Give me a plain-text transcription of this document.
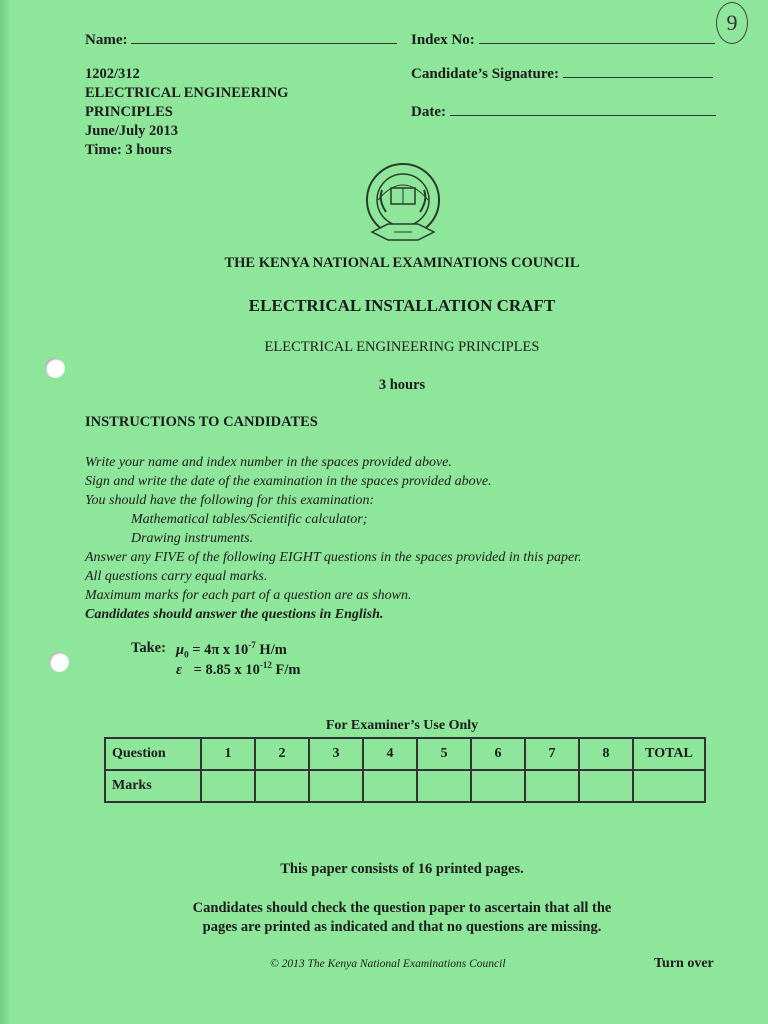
9
Name:	Index No:
Candidate’s Signature:
Date:
1202/312
ELECTRICAL ENGINEERING
PRINCIPLES
June/July 2013
Time: 3 hours
THE KENYA NATIONAL EXAMINATIONS COUNCIL
ELECTRICAL INSTALLATION CRAFT
ELECTRICAL ENGINEERING PRINCIPLES
3 hours
INSTRUCTIONS TO CANDIDATES
Write your name and index number in the spaces provided above.
Sign and write the date of the examination in the spaces provided above.
You should have the following for this examination:
Mathematical tables/Scientific calculator;
Drawing instruments.
Answer any FIVE of the following EIGHT questions in the spaces provided in this paper.
All questions carry equal marks.
Maximum marks for each part of a question are as shown.
Candidates should answer the questions in English.
Take: $\mu_0 = 4\pi$ x $10^{-7}$ H/m
ε = 8.85 x $10^{-12}$ F/m
For Examiner’s Use Only
Question	1	2	3	4	5	6	7	8	TOTAL
Marks									
This paper consists of 16 printed pages.
Candidates should check the question paper to ascertain that all the
pages are printed as indicated and that no questions are missing.
© 2013 The Kenya National Examinations Council	Turn over
